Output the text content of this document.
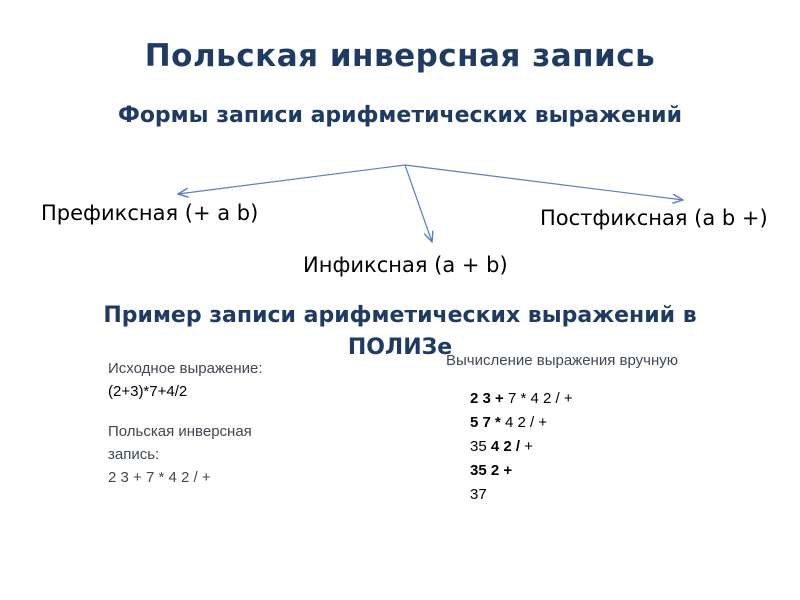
Польская инверсная запись
Формы записи арифметических выражений
Префиксная (+ a b)
Инфиксная (a + b)
Постфиксная (a b +)
Пример записи арифметических выражений в ПОЛИЗе
Исходное выражение:
(2+3)*7+4/2
Польская инверсная
запись:
2 3 + 7 * 4 2 / +
Вычисление выражения вручную
2 3 + 7 * 4 2 / +
5 7 * 4 2 / +
35 4 2 / +
35 2 +
37
